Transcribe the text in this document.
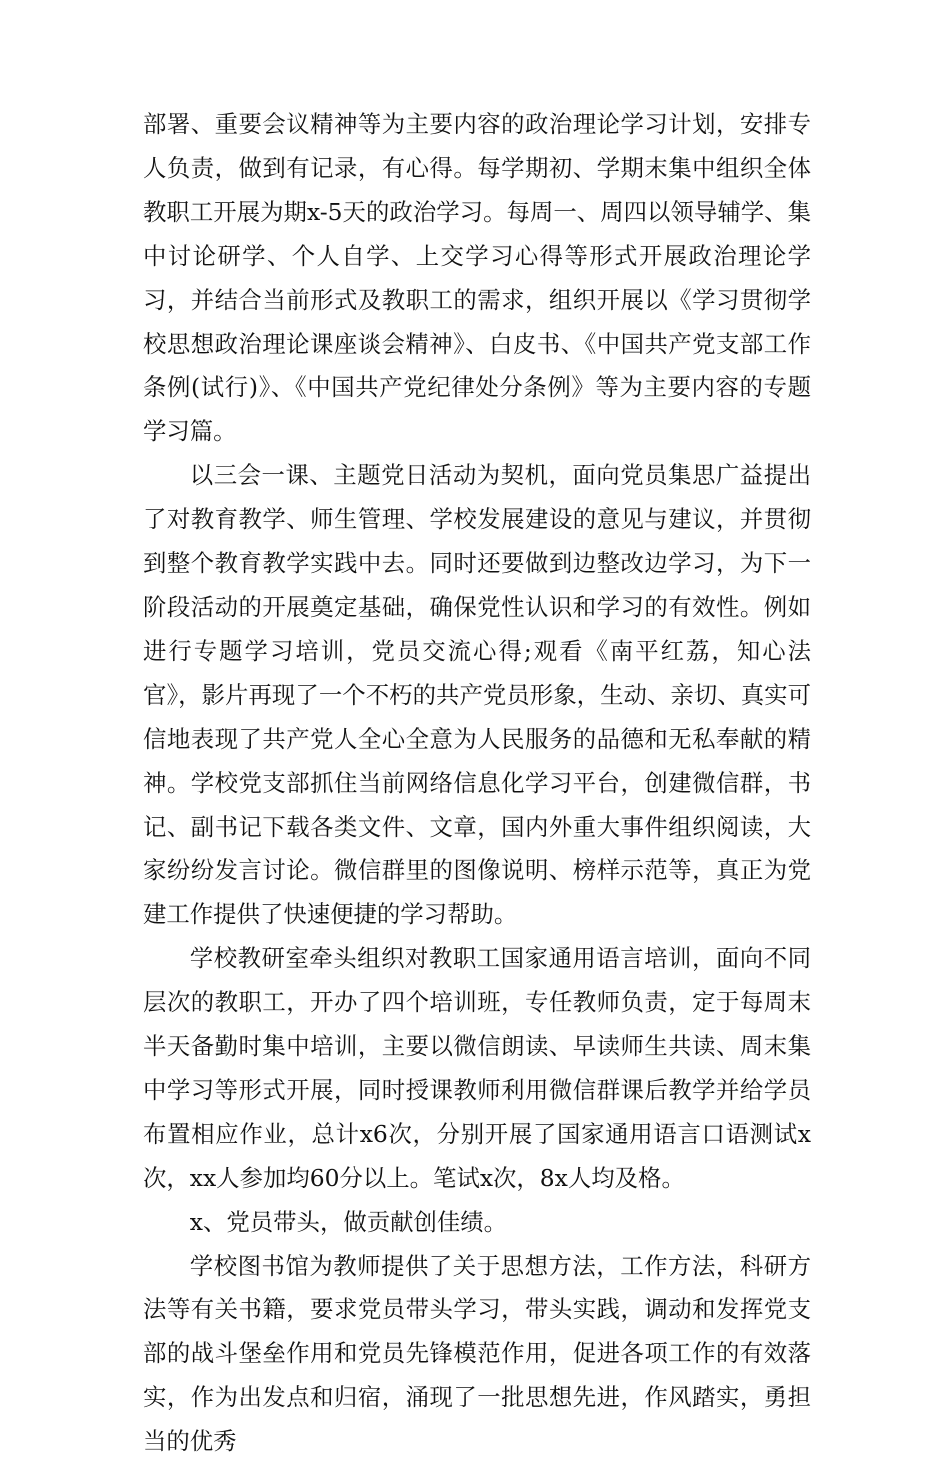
部署、重要会议精神等为主要内容的政治理论学习计划，安排专人负责，做到有记录，有心得。每学期初、学期末集中组织全体教职工开展为期x-5天的政治学习。每周一、周四以领导辅学、集中讨论研学、个人自学、上交学习心得等形式开展政治理论学习，并结合当前形式及教职工的需求，组织开展以《学习贯彻学校思想政治理论课座谈会精神》、白皮书、《中国共产党支部工作条例(试行)》、《中国共产党纪律处分条例》等为主要内容的专题学习篇。

以三会一课、主题党日活动为契机，面向党员集思广益提出了对教育教学、师生管理、学校发展建设的意见与建议，并贯彻到整个教育教学实践中去。同时还要做到边整改边学习，为下一阶段活动的开展奠定基础，确保党性认识和学习的有效性。例如进行专题学习培训，党员交流心得;观看《南平红荔，知心法官》，影片再现了一个不朽的共产党员形象，生动、亲切、真实可信地表现了共产党人全心全意为人民服务的品德和无私奉献的精神。学校党支部抓住当前网络信息化学习平台，创建微信群，书记、副书记下载各类文件、文章，国内外重大事件组织阅读，大家纷纷发言讨论。微信群里的图像说明、榜样示范等，真正为党建工作提供了快速便捷的学习帮助。

学校教研室牵头组织对教职工国家通用语言培训，面向不同层次的教职工，开办了四个培训班，专任教师负责，定于每周末半天备勤时集中培训，主要以微信朗读、早读师生共读、周末集中学习等形式开展，同时授课教师利用微信群课后教学并给学员布置相应作业，总计x6次，分别开展了国家通用语言口语测试x次，xx人参加均60分以上。笔试x次，8x人均及格。

x、党员带头，做贡献创佳绩。

学校图书馆为教师提供了关于思想方法，工作方法，科研方法等有关书籍，要求党员带头学习，带头实践，调动和发挥党支部的战斗堡垒作用和党员先锋模范作用，促进各项工作的有效落实，作为出发点和归宿，涌现了一批思想先进，作风踏实，勇担当的优秀
